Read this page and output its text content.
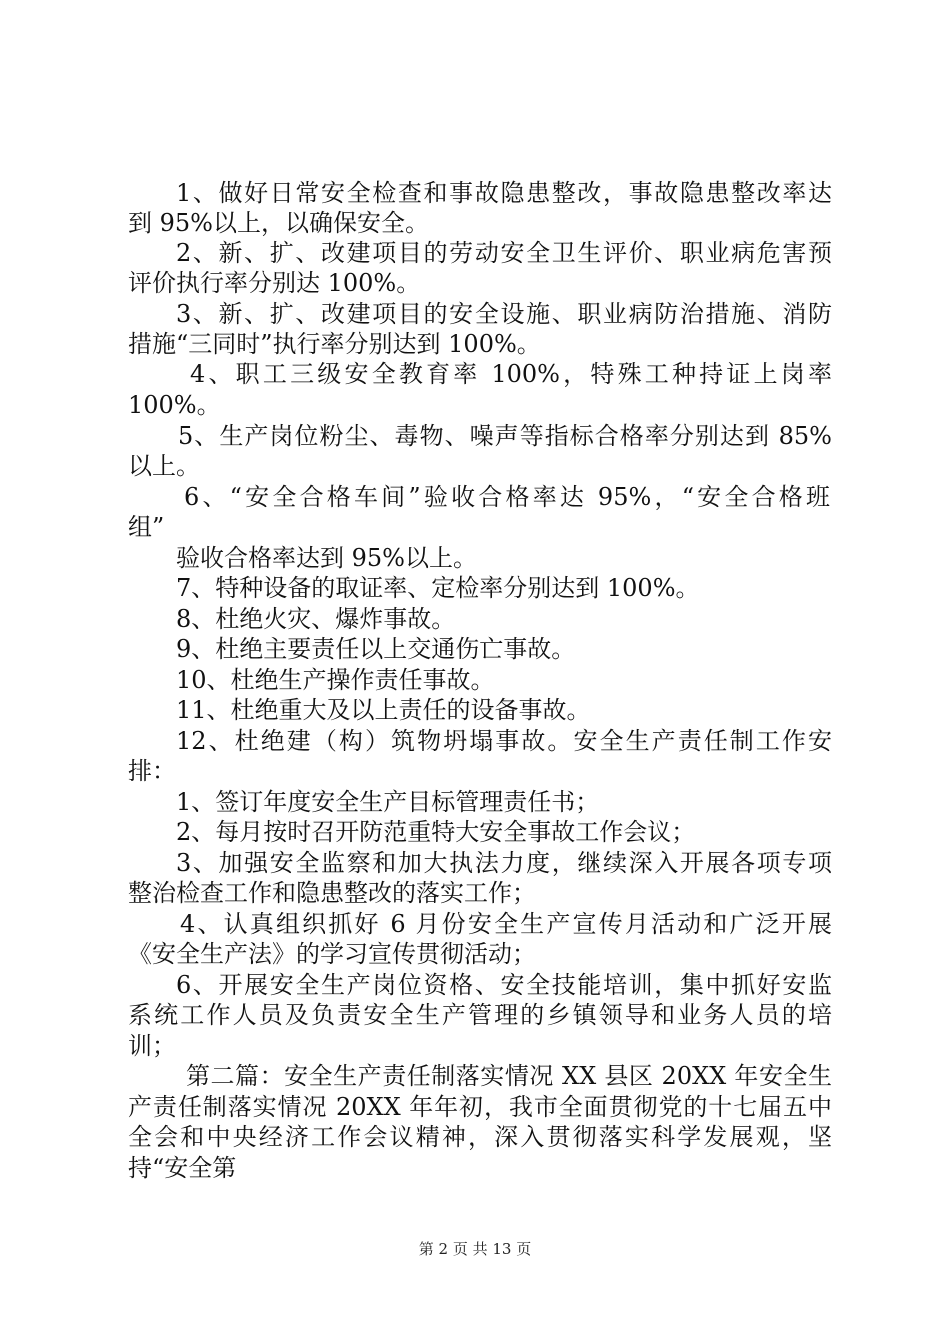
1、做好日常安全检查和事故隐患整改，事故隐患整改率达
到 95%以上，以确保安全。
2、新、扩、改建项目的劳动安全卫生评价、职业病危害预
评价执行率分别达 100%。
3、新、扩、改建项目的安全设施、职业病防治措施、消防
措施“三同时”执行率分别达到 100%。
4、职工三级安全教育率 100%，特殊工种持证上岗率
100%。
5、生产岗位粉尘、毒物、噪声等指标合格率分别达到 85%
以上。
6、“安全合格车间”验收合格率达 95%，“安全合格班
组”
验收合格率达到 95%以上。
7、特种设备的取证率、定检率分别达到 100%。
8、杜绝火灾、爆炸事故。
9、杜绝主要责任以上交通伤亡事故。
10、杜绝生产操作责任事故。
11、杜绝重大及以上责任的设备事故。
12、杜绝建（构）筑物坍塌事故。安全生产责任制工作安
排：
1、签订年度安全生产目标管理责任书；
2、每月按时召开防范重特大安全事故工作会议；
3、加强安全监察和加大执法力度，继续深入开展各项专项
整治检查工作和隐患整改的落实工作；
4、认真组织抓好 6 月份安全生产宣传月活动和广泛开展
《安全生产法》的学习宣传贯彻活动；
6、开展安全生产岗位资格、安全技能培训，集中抓好安监
系统工作人员及负责安全生产管理的乡镇领导和业务人员的培
训；
第二篇：安全生产责任制落实情况 XX 县区 20XX 年安全生
产责任制落实情况 20XX 年年初，我市全面贯彻党的十七届五中
全会和中央经济工作会议精神，深入贯彻落实科学发展观，坚
持“安全第
第 2 页 共 13 页
